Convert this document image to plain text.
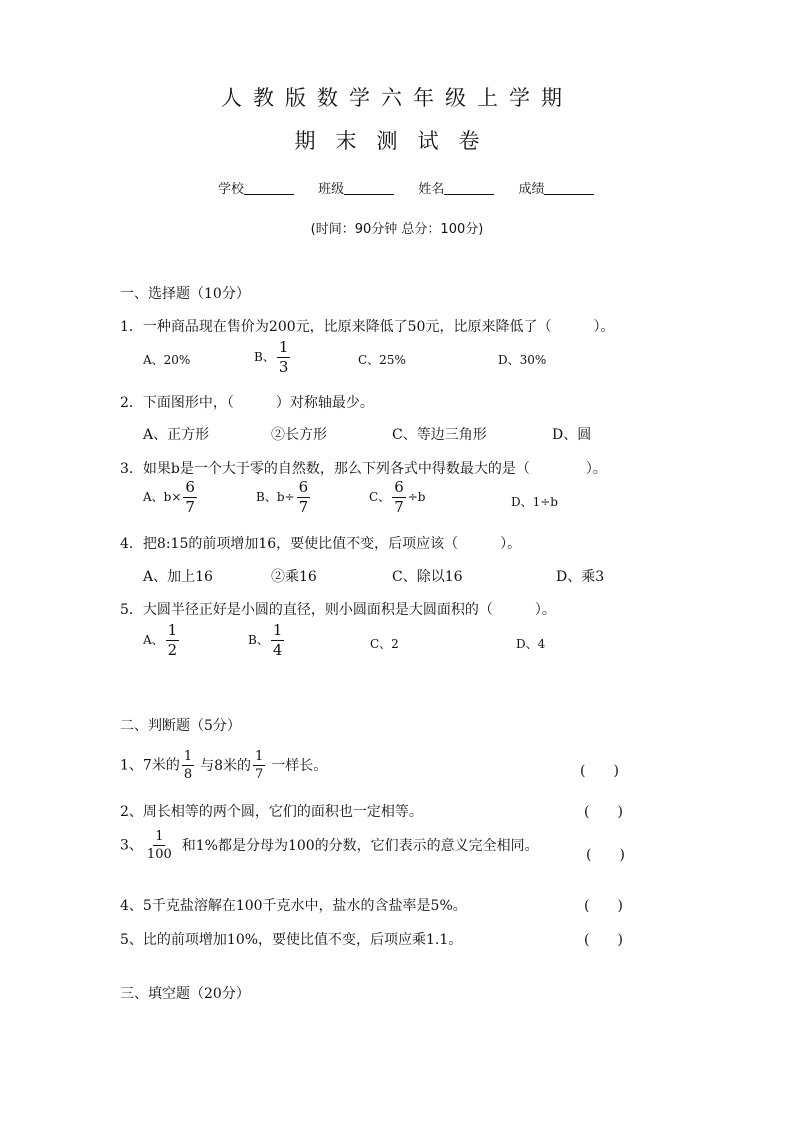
人教版数学六年级上学期
期末测试卷
学校	班级	姓名	成绩
(时间：90分钟 总分：100分)
一、选择题（10分）
1．一种商品现在售价为200元，比原来降低了50元，比原来降低了（　　　）。
A、20%	B、 $\frac{1}{3}$	C、25%	D、30%
2．下面图形中，（　　　）对称轴最少。
A、正方形	②长方形	C、等边三角形	D、圆
3．如果b是一个大于零的自然数，那么下列各式中得数最大的是（　　　　）。
A、$b\times \frac{6}{7}$	B、$b\div \frac{6}{7}$	C、 $\frac{6}{7} \div b$	D、1÷b
4．把8:15的前项增加16，要使比值不变，后项应该（　　　）。
A、加上16	②乘16	C、除以16	D、乘3
5．大圆半径正好是小圆的直径，则小圆面积是大圆面积的（　　　）。
A、 $\frac{1}{2}$	B、 $\frac{1}{4}$	C、2	D、4
二、判断题（5分）
1、7米的 $\frac{1}{8}$ 与8米的 $\frac{1}{7}$ 一样长。	(　　)
2、周长相等的两个圆，它们的面积也一定相等。	(　　)
3、 $\frac{1}{100}$ 和1%都是分母为100的分数，它们表示的意义完全相同。
(　　)
4、5千克盐溶解在100千克水中，盐水的含盐率是5%。	(　　)
5、比的前项增加10%，要使比值不变，后项应乘1.1。	(　　)
三、填空题（20分）
